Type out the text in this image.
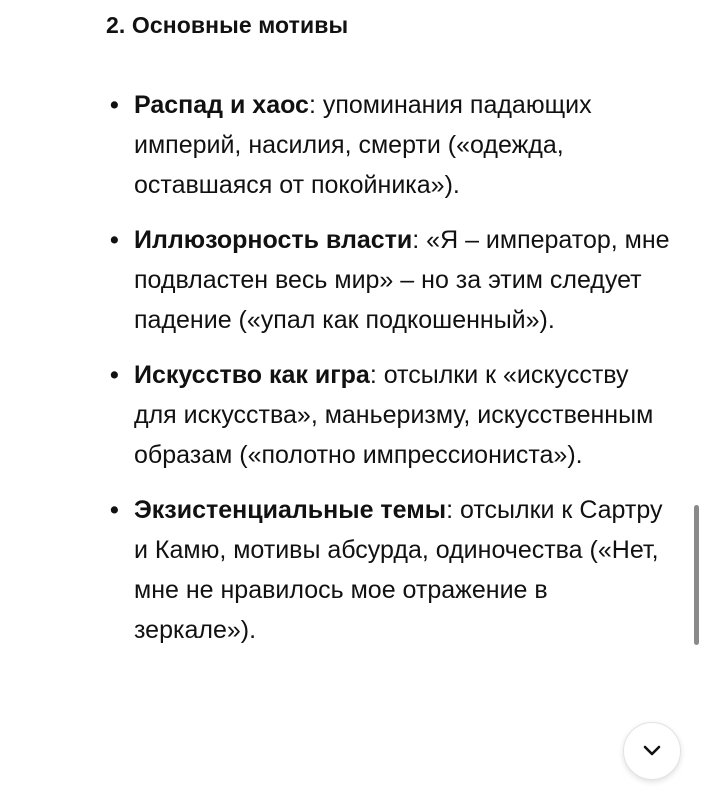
2. Основные мотивы
• Распад и хаос: упоминания падающих империй, насилия, смерти («одежда, оставшаяся от покойника»).
• Иллюзорность власти: «Я – император, мне подвластен весь мир» – но за этим следует падение («упал как подкошенный»).
• Искусство как игра: отсылки к «искусству для искусства», маньеризму, искусственным образам («полотно импрессиониста»).
• Экзистенциальные темы: отсылки к Сартру и Камю, мотивы абсурда, одиночества («Нет, мне не нравилось мое отражение в зеркале»).
